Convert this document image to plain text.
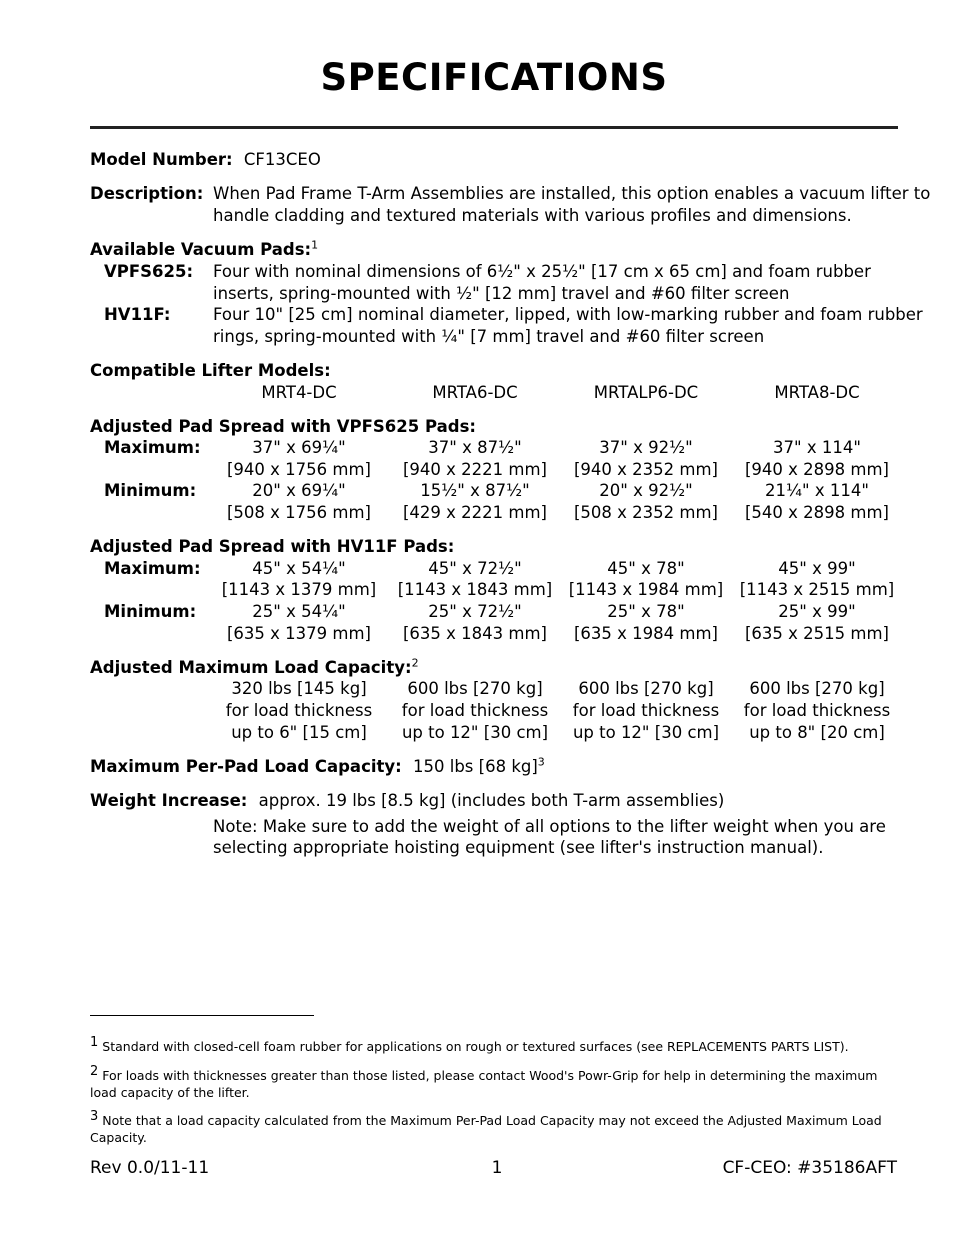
SPECIFICATIONS
Model Number: CF13CEO
Description: When Pad Frame T-Arm Assemblies are installed, this option enables a vacuum lifter to
handle cladding and textured materials with various profiles and dimensions.
Available Vacuum Pads:$^1$
VPFS625: Four with nominal dimensions of 6½" x 25½" [17 cm x 65 cm] and foam rubber
inserts, spring-mounted with ½" [12 mm] travel and #60 filter screen
HV11F:	Four 10" [25 cm] nominal diameter, lipped, with low-marking rubber and foam rubber
rings, spring-mounted with ¼" [7 mm] travel and #60 filter screen
Compatible Lifter Models:
MRT4-DC	MRTA6-DC	MRTALP6-DC	MRTA8-DC
Adjusted Pad Spread with VPFS625 Pads:
Maximum:	37" x 69¼"	37" x 87½"	37" x 92½"	37" x 114"
[940 x 1756 mm]	[940 x 2221 mm]	[940 x 2352 mm]	[940 x 2898 mm]
Minimum:	20" x 69¼"	15½" x 87½"	20" x 92½"	21¼" x 114"
[508 x 1756 mm]	[429 x 2221 mm]	[508 x 2352 mm]	[540 x 2898 mm]
Adjusted Pad Spread with HV11F Pads:
Maximum:	45" x 54¼"	45" x 72½"	45" x 78"	45" x 99"
[1143 x 1379 mm]	[1143 x 1843 mm] [1143 x 1984 mm] [1143 x 2515 mm]
Minimum:	25" x 54¼"	25" x 72½"	25" x 78"	25" x 99"
[635 x 1379 mm]	[635 x 1843 mm]	[635 x 1984 mm]	[635 x 2515 mm]
Adjusted Maximum Load Capacity:$^2$
320 lbs [145 kg]	600 lbs [270 kg]	600 lbs [270 kg]	600 lbs [270 kg]
for load thickness	for load thickness	for load thickness	for load thickness
up to 6" [15 cm]	up to 12" [30 cm]	up to 12" [30 cm]	up to 8" [20 cm]
Maximum Per-Pad Load Capacity: 150 lbs [68 kg]$^3$
Weight Increase: approx. 19 lbs [8.5 kg] (includes both T-arm assemblies)
Note: Make sure to add the weight of all options to the lifter weight when you are
selecting appropriate hoisting equipment (see lifter's instruction manual).
1 Standard with closed-cell foam rubber for applications on rough or textured surfaces (see REPLACEMENTS PARTS LIST).
2 For loads with thicknesses greater than those listed, please contact Wood's Powr-Grip for help in determining the maximum load capacity of the lifter.
3 Note that a load capacity calculated from the Maximum Per-Pad Load Capacity may not exceed the Adjusted Maximum Load Capacity.
Rev 0.0/11-11	1	CF-CEO: #35186AFT
